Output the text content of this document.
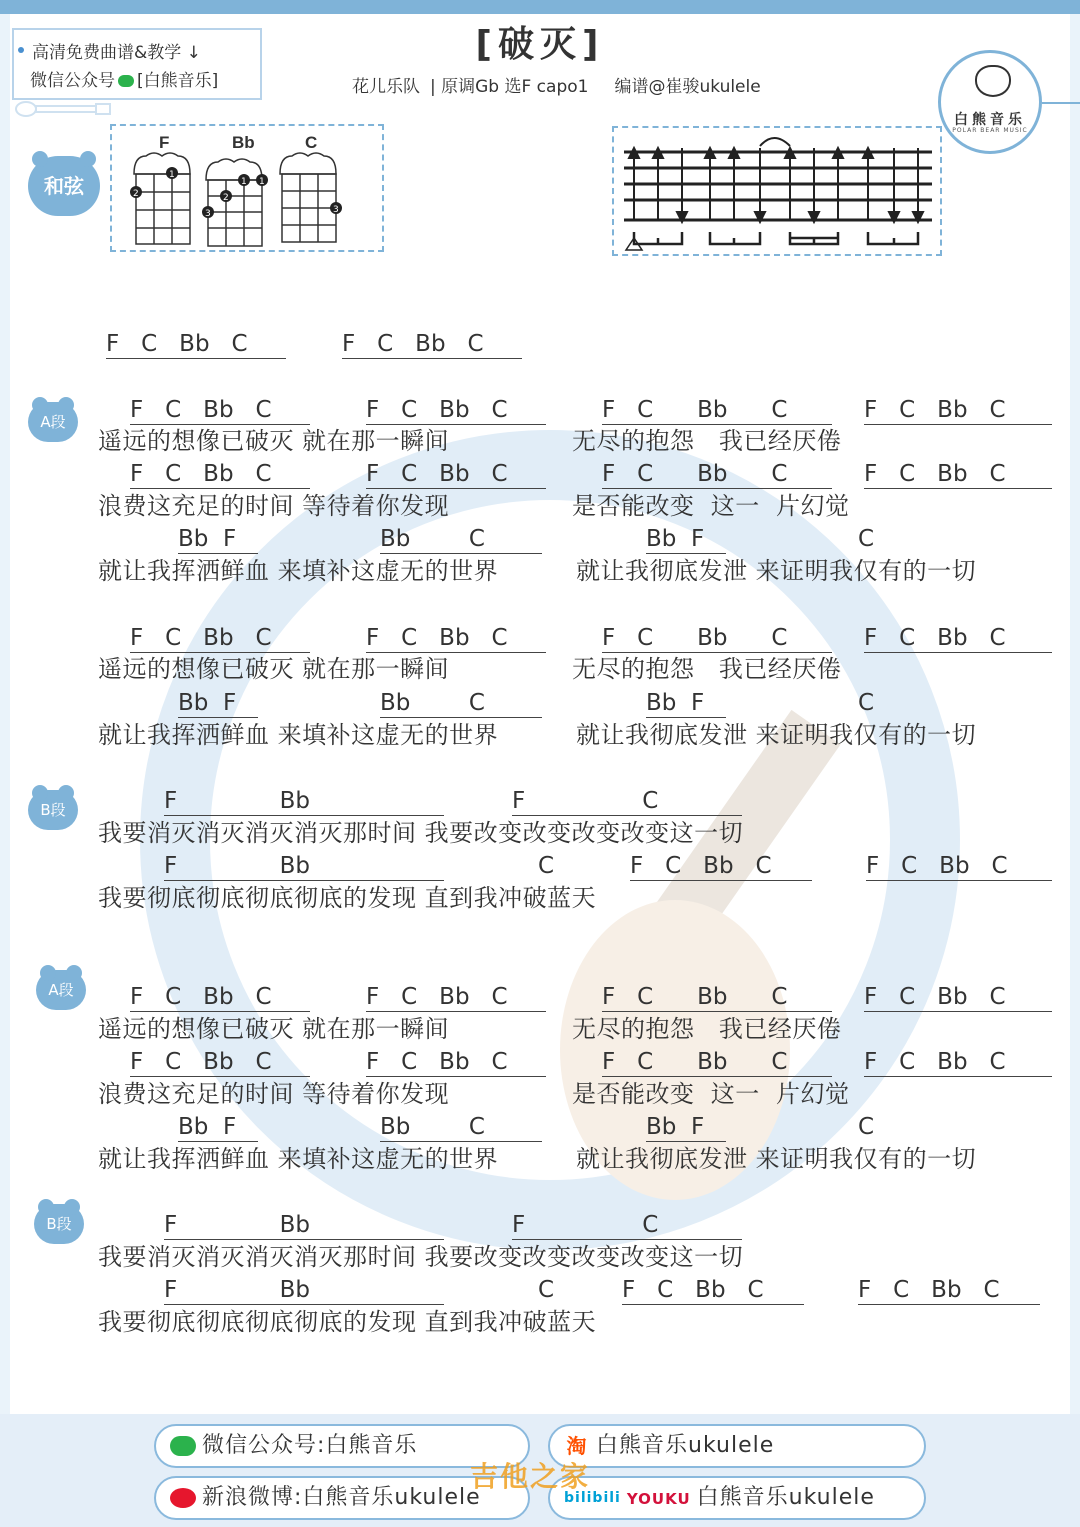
高清免费曲谱&教学 ↓
微信公众号 [白熊音乐]
[破灭]
花儿乐队 | 原调Gb 选F capo1 编谱@崔骏ukulele
白熊音乐
POLAR BEAR MUSIC
和弦
F
1
2
Bb
1 1
2
3
C
3
F C Bb C	F C Bb C
A段	F C Bb C	F C Bb C	F C Bb C	F C Bb C
遥远的想像已破灭 就在那一瞬间	无尽的抱怨 我已经厌倦
F C Bb C	F C Bb C	F C Bb C	F C Bb C
浪费这充足的时间 等待着你发现	是否能改变 这一 片幻觉
Bb F	Bb	C	Bb F	C
就让我挥洒鲜血 来填补这虚无的世界	就让我彻底发泄 来证明我仅有的一切
F C Bb C	F C Bb C	F C Bb C	F C Bb C
遥远的想像已破灭 就在那一瞬间	无尽的抱怨 我已经厌倦
Bb F	Bb	C	Bb F	C
就让我挥洒鲜血 来填补这虚无的世界	就让我彻底发泄 来证明我仅有的一切
B段	F	Bb	F	C
我要消灭消灭消灭消灭那时间 我要改变改变改变改变这一切
F	Bb	C	F C Bb C	F C Bb C
我要彻底彻底彻底彻底的发现 直到我冲破蓝天
A段	F C Bb C	F C Bb C	F C Bb C	F C Bb C
遥远的想像已破灭 就在那一瞬间	无尽的抱怨 我已经厌倦
F C Bb C	F C Bb C	F C Bb C	F C Bb C
浪费这充足的时间 等待着你发现	是否能改变 这一 片幻觉
Bb F	Bb	C	Bb F	C
就让我挥洒鲜血 来填补这虚无的世界	就让我彻底发泄 来证明我仅有的一切
B段	F	Bb	F	C
我要消灭消灭消灭消灭那时间 我要改变改变改变改变这一切
F	Bb	C	F C Bb C	F C Bb C
我要彻底彻底彻底彻底的发现 直到我冲破蓝天
微信公众号:白熊音乐	淘 白熊音乐ukulele
新浪微博:白熊音乐ukulele	bilibili YOUKU 白熊音乐ukulele
吉他之家
